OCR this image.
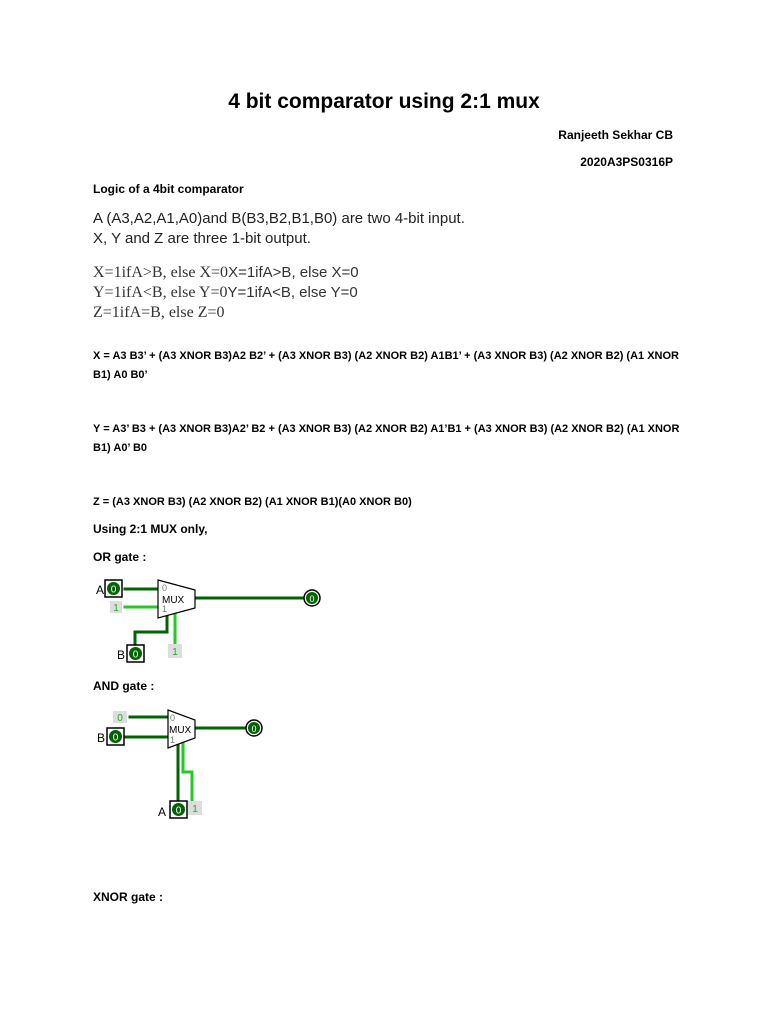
4 bit comparator using 2:1 mux
Ranjeeth Sekhar CB
2020A3PS0316P
Logic of a 4bit comparator
A (A3,A2,A1,A0)and B(B3,B2,B1,B0) are two 4-bit input.
X, Y and Z are three 1-bit output.
X=1ifA>B, else X=0X=1ifA>B, else X=0
Y=1ifA<B, else Y=0Y=1ifA<B, else Y=0
Z=1ifA=B, else Z=0
X = A3 B3’ + (A3 XNOR B3)A2 B2’ + (A3 XNOR B3) (A2 XNOR B2) A1B1’ + (A3 XNOR B3) (A2 XNOR B2) (A1 XNOR B1) A0 B0’
Y = A3’ B3 + (A3 XNOR B3)A2’ B2 + (A3 XNOR B3) (A2 XNOR B2) A1’B1 + (A3 XNOR B3) (A2 XNOR B2) (A1 XNOR B1) A0’ B0
Z = (A3 XNOR B3) (A2 XNOR B2) (A1 XNOR B1)(A0 XNOR B0)
Using 2:1 MUX only,
OR gate :
0
A
1
0
1
MUX	0
0
B	1
AND gate :
0
0
B
0
1
MUX	0
0
A	1
XNOR gate :
